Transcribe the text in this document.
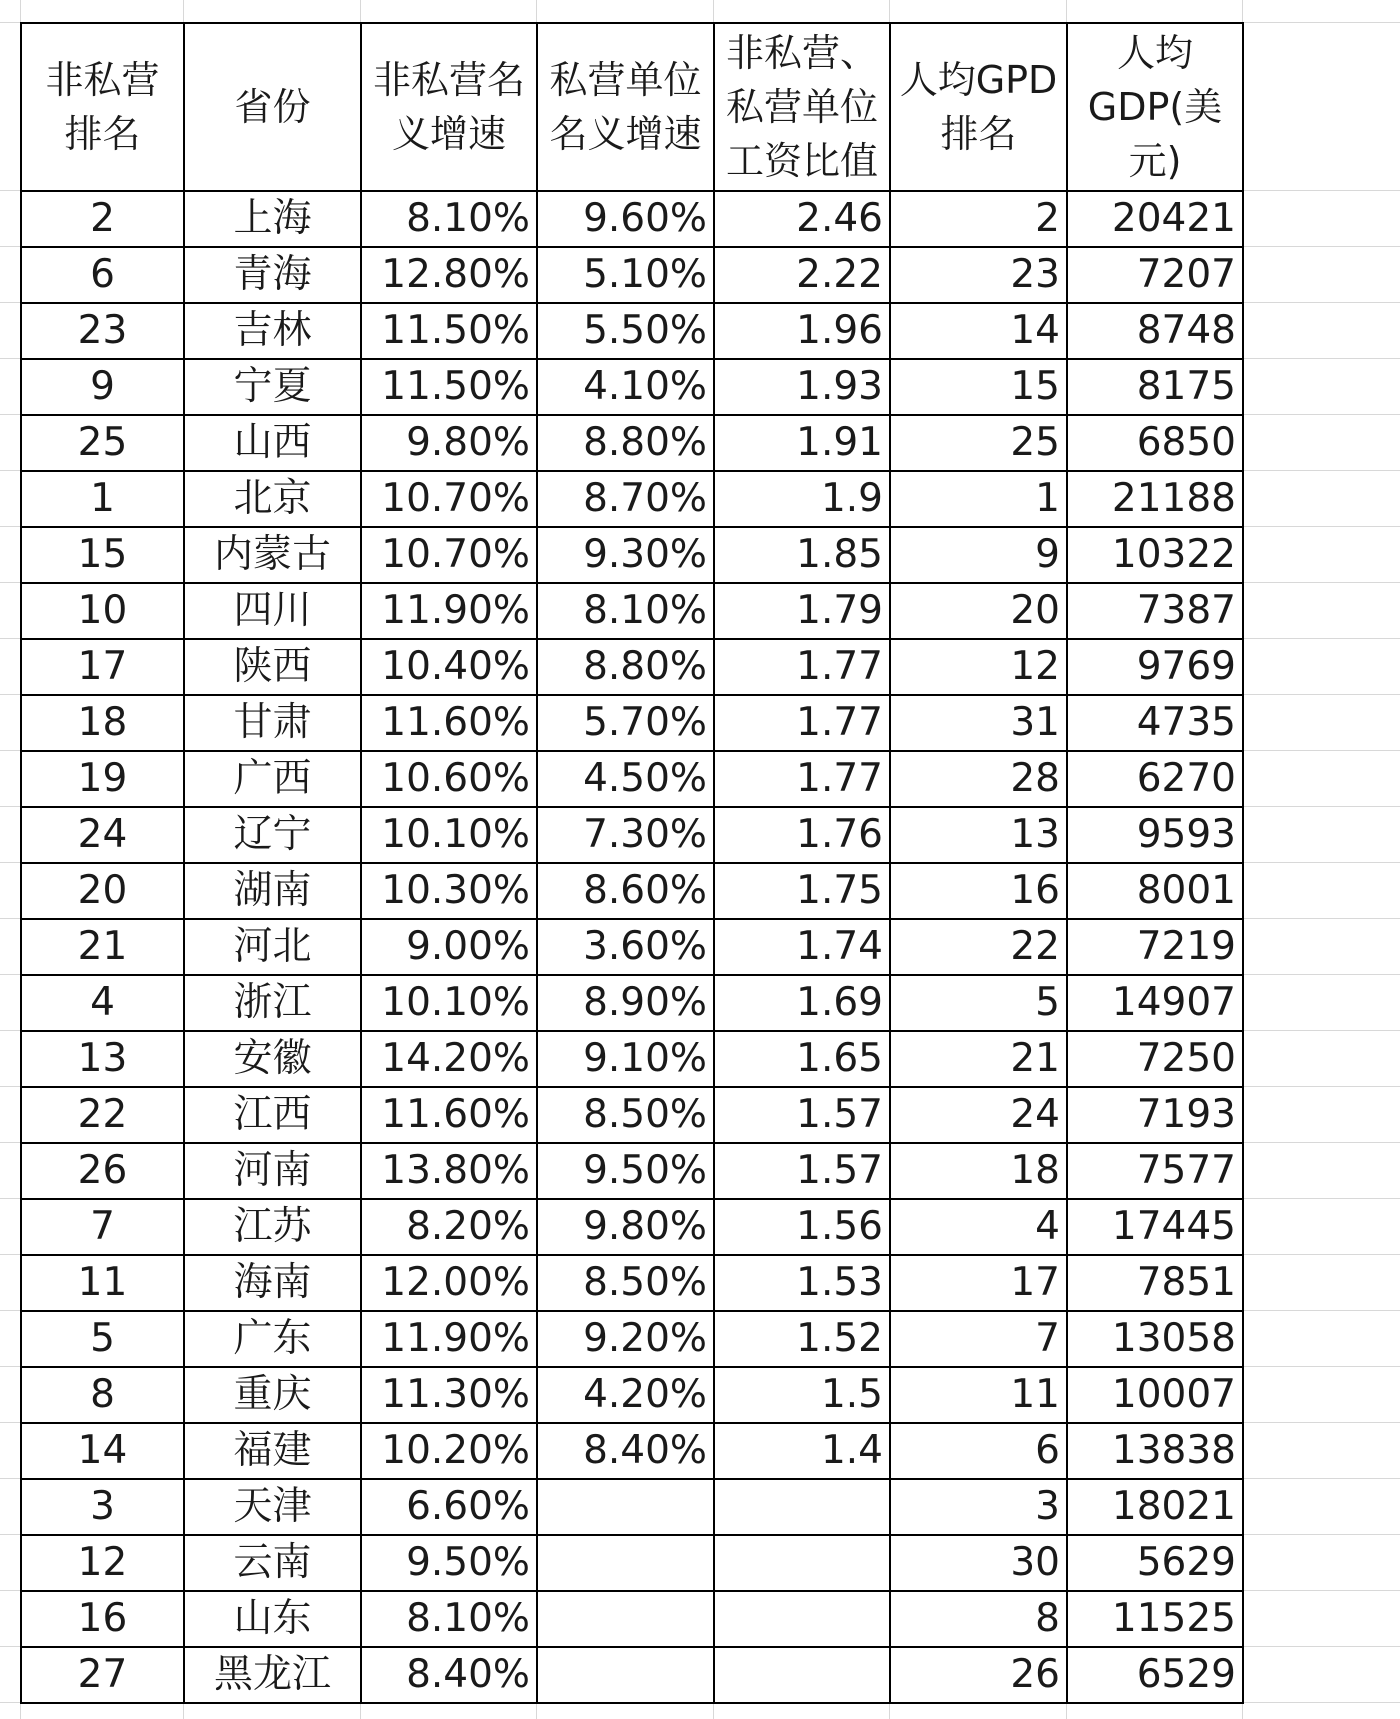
非私营排名	省份	非私营名义增速	私营单位名义增速	非私营、私营单位工资比值	人均GPD排名	人均GDP(美元)
2	上海	8.10%	9.60%	2.46	2	20421
6	青海	12.80%	5.10%	2.22	23	7207
23	吉林	11.50%	5.50%	1.96	14	8748
9	宁夏	11.50%	4.10%	1.93	15	8175
25	山西	9.80%	8.80%	1.91	25	6850
1	北京	10.70%	8.70%	1.9	1	21188
15	内蒙古	10.70%	9.30%	1.85	9	10322
10	四川	11.90%	8.10%	1.79	20	7387
17	陕西	10.40%	8.80%	1.77	12	9769
18	甘肃	11.60%	5.70%	1.77	31	4735
19	广西	10.60%	4.50%	1.77	28	6270
24	辽宁	10.10%	7.30%	1.76	13	9593
20	湖南	10.30%	8.60%	1.75	16	8001
21	河北	9.00%	3.60%	1.74	22	7219
4	浙江	10.10%	8.90%	1.69	5	14907
13	安徽	14.20%	9.10%	1.65	21	7250
22	江西	11.60%	8.50%	1.57	24	7193
26	河南	13.80%	9.50%	1.57	18	7577
7	江苏	8.20%	9.80%	1.56	4	17445
11	海南	12.00%	8.50%	1.53	17	7851
5	广东	11.90%	9.20%	1.52	7	13058
8	重庆	11.30%	4.20%	1.5	11	10007
14	福建	10.20%	8.40%	1.4	6	13838
3	天津	6.60%			3	18021
12	云南	9.50%			30	5629
16	山东	8.10%			8	11525
27	黑龙江	8.40%			26	6529
